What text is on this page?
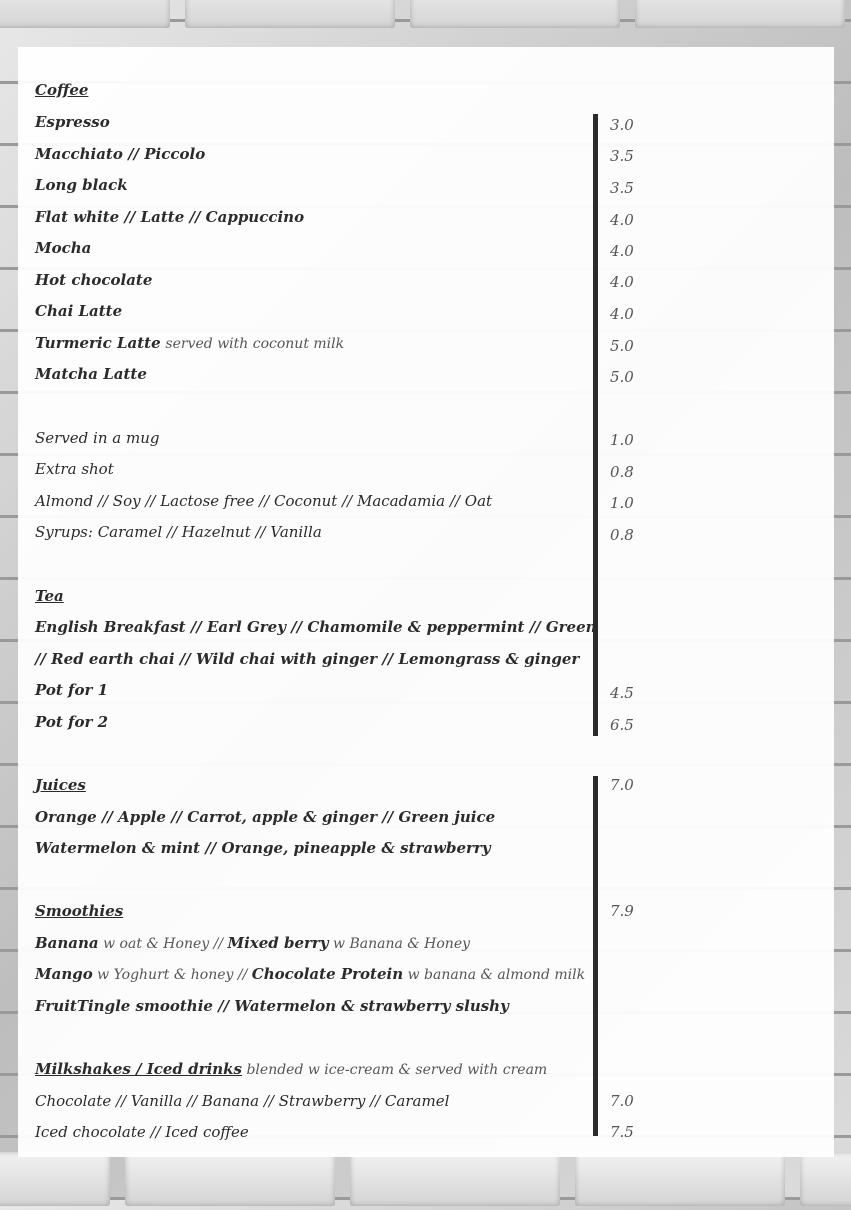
Coffee
Espresso	3.0
Macchiato // Piccolo	3.5
Long black	3.5
Flat white // Latte // Cappuccino	4.0
Mocha	4.0
Hot chocolate	4.0
Chai Latte	4.0
Turmeric Latte served with coconut milk	5.0
Matcha Latte	5.0
Served in a mug	1.0
Extra shot	0.8
Almond // Soy // Lactose free // Coconut // Macadamia // Oat	1.0
Syrups: Caramel // Hazelnut // Vanilla	0.8
Tea
English Breakfast // Earl Grey // Chamomile & peppermint // Green
// Red earth chai // Wild chai with ginger // Lemongrass & ginger
Pot for 1	4.5
Pot for 2	6.5
Juices	7.0
Orange // Apple // Carrot, apple & ginger // Green juice
Watermelon & mint // Orange, pineapple & strawberry
Smoothies	7.9
Banana w oat & Honey // Mixed berry w Banana & Honey
Mango w Yoghurt & honey // Chocolate Protein w banana & almond milk
FruitTingle smoothie // Watermelon & strawberry slushy
Milkshakes / Iced drinks blended w ice-cream & served with cream
Chocolate // Vanilla // Banana // Strawberry // Caramel	7.0
Iced chocolate // Iced coffee	7.5
